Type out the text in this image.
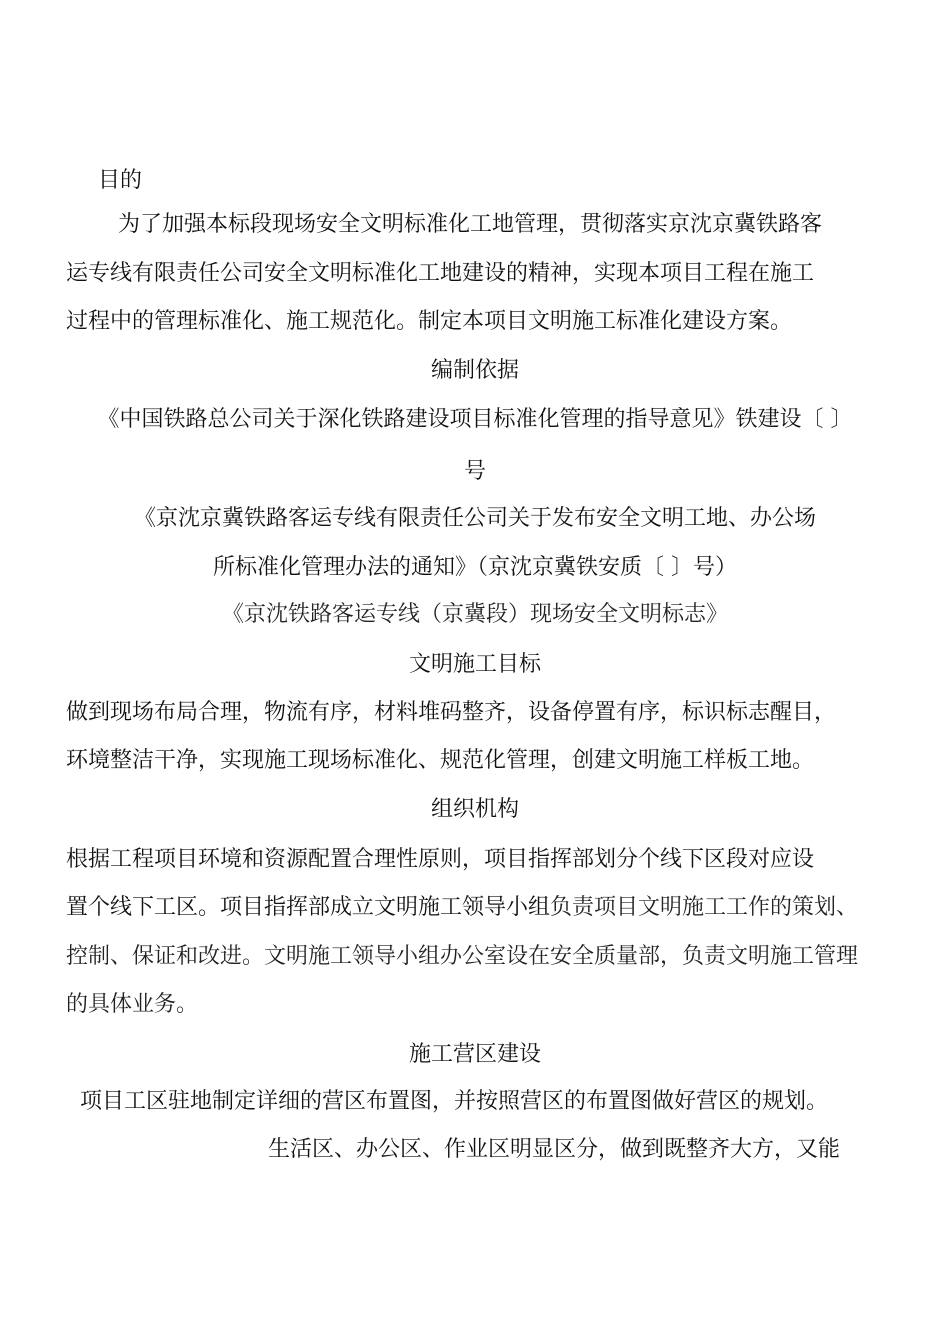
目的
为了加强本标段现场安全文明标准化工地管理，贯彻落实京沈京冀铁路客
运专线有限责任公司安全文明标准化工地建设的精神，实现本项目工程在施工
过程中的管理标准化、施工规范化。制定本项目文明施工标准化建设方案。
编制依据
《中国铁路总公司关于深化铁路建设项目标准化管理的指导意见》铁建设〔 〕
号
《京沈京冀铁路客运专线有限责任公司关于发布安全文明工地、办公场
所标准化管理办法的通知》（京沈京冀铁安质〔 〕号）
《京沈铁路客运专线（京冀段）现场安全文明标志》
文明施工目标
做到现场布局合理，物流有序，材料堆码整齐，设备停置有序，标识标志醒目，
环境整洁干净，实现施工现场标准化、规范化管理，创建文明施工样板工地。
组织机构
根据工程项目环境和资源配置合理性原则，项目指挥部划分个线下区段对应设
置个线下工区。项目指挥部成立文明施工领导小组负责项目文明施工工作的策划、
控制、保证和改进。文明施工领导小组办公室设在安全质量部，负责文明施工管理
的具体业务。
施工营区建设
项目工区驻地制定详细的营区布置图，并按照营区的布置图做好营区的规划。
生活区、办公区、作业区明显区分，做到既整齐大方，又能
